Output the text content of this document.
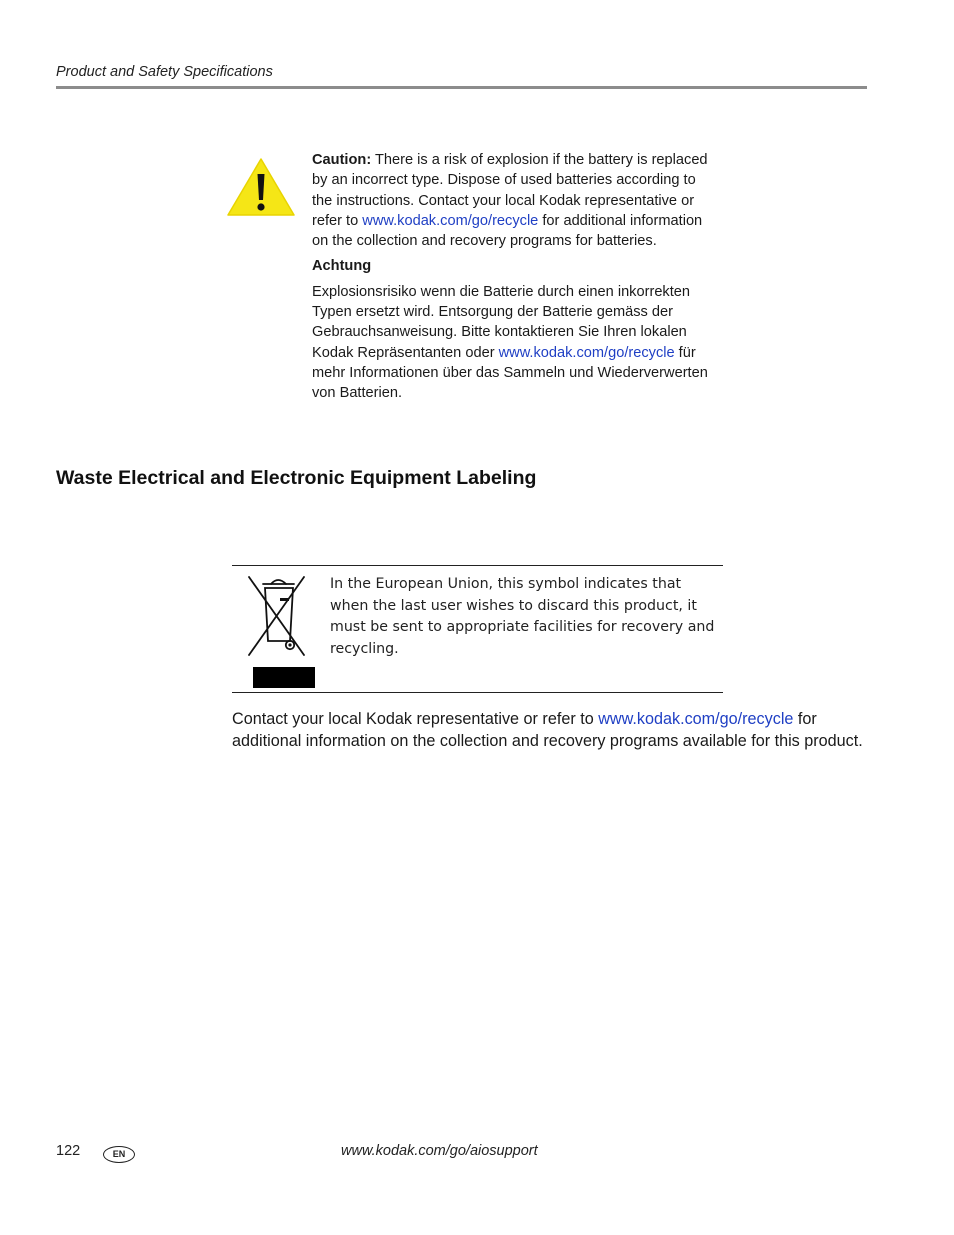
Product and Safety Specifications

Caution: There is a risk of explosion if the battery is replaced by an incorrect type. Dispose of used batteries according to the instructions. Contact your local Kodak representative or refer to www.kodak.com/go/recycle for additional information on the collection and recovery programs for batteries.

Achtung

Explosionsrisiko wenn die Batterie durch einen inkorrekten Typen ersetzt wird. Entsorgung der Batterie gemäss der Gebrauchsanweisung. Bitte kontaktieren Sie Ihren lokalen Kodak Repräsentanten oder www.kodak.com/go/recycle für mehr Informationen über das Sammeln und Wiederverwerten von Batterien.

Waste Electrical and Electronic Equipment Labeling

In the European Union, this symbol indicates that when the last user wishes to discard this product, it must be sent to appropriate facilities for recovery and recycling.

Contact your local Kodak representative or refer to www.kodak.com/go/recycle for additional information on the collection and recovery programs available for this product.

122	EN	www.kodak.com/go/aiosupport
